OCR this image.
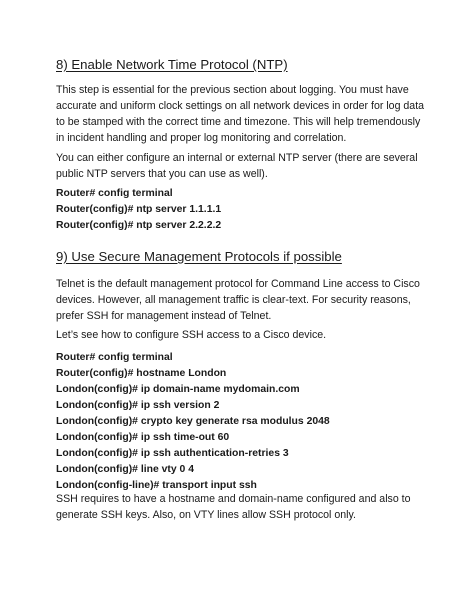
8) Enable Network Time Protocol (NTP)

This step is essential for the previous section about logging. You must have accurate and uniform clock settings on all network devices in order for log data to be stamped with the correct time and timezone. This will help tremendously in incident handling and proper log monitoring and correlation.

You can either configure an internal or external NTP server (there are several public NTP servers that you can use as well).

Router# config terminal
Router(config)# ntp server 1.1.1.1
Router(config)# ntp server 2.2.2.2
9) Use Secure Management Protocols if possible

Telnet is the default management protocol for Command Line access to Cisco devices. However, all management traffic is clear-text. For security reasons, prefer SSH for management instead of Telnet.

Let’s see how to configure SSH access to a Cisco device.

Router# config terminal
Router(config)# hostname London
London(config)# ip domain-name mydomain.com
London(config)# ip ssh version 2
London(config)# crypto key generate rsa modulus 2048
London(config)# ip ssh time-out 60
London(config)# ip ssh authentication-retries 3
London(config)# line vty 0 4
London(config-line)# transport input ssh

SSH requires to have a hostname and domain-name configured and also to generate SSH keys. Also, on VTY lines allow SSH protocol only.
